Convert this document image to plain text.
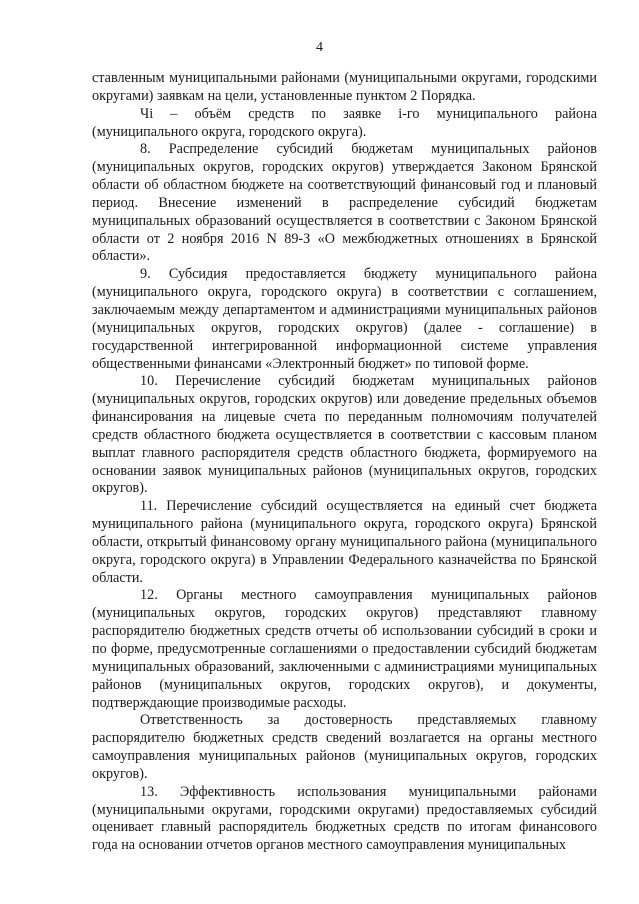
4

ставленным муниципальными районами (муниципальными округами, городскими округами) заявкам на цели, установленные пунктом 2 Порядка.

Чі – объём средств по заявке i-го муниципального района (муниципального округа, городского округа).

8. Распределение субсидий бюджетам муниципальных районов (муниципальных округов, городских округов) утверждается Законом Брянской области об областном бюджете на соответствующий финансовый год и плановый период. Внесение изменений в распределение субсидий бюджетам муниципальных образований осуществляется в соответствии с Законом Брянской области от 2 ноября 2016 N 89-З «О межбюджетных отношениях в Брянской области».

9. Субсидия предоставляется бюджету муниципального района (муниципального округа, городского округа) в соответствии с соглашением, заключаемым между департаментом и администрациями муниципальных районов (муниципальных округов, городских округов) (далее - соглашение) в государственной интегрированной информационной системе управления общественными финансами «Электронный бюджет» по типовой форме.

10. Перечисление субсидий бюджетам муниципальных районов (муниципальных округов, городских округов) или доведение предельных объемов финансирования на лицевые счета по переданным полномочиям получателей средств областного бюджета осуществляется в соответствии с кассовым планом выплат главного распорядителя средств областного бюджета, формируемого на основании заявок муниципальных районов (муниципальных округов, городских округов).

11. Перечисление субсидий осуществляется на единый счет бюджета муниципального района (муниципального округа, городского округа) Брянской области, открытый финансовому органу муниципального района (муниципального округа, городского округа) в Управлении Федерального казначейства по Брянской области.

12. Органы местного самоуправления муниципальных районов (муниципальных округов, городских округов) представляют главному распорядителю бюджетных средств отчеты об использовании субсидий в сроки и по форме, предусмотренные соглашениями о предоставлении субсидий бюджетам муниципальных образований, заключенными с администрациями муниципальных районов (муниципальных округов, городских округов), и документы, подтверждающие производимые расходы.

Ответственность за достоверность представляемых главному распорядителю бюджетных средств сведений возлагается на органы местного самоуправления муниципальных районов (муниципальных округов, городских округов).

13. Эффективность использования муниципальными районами (муниципальными округами, городскими округами) предоставляемых субсидий оценивает главный распорядитель бюджетных средств по итогам финансового года на основании отчетов органов местного самоуправления муниципальных
